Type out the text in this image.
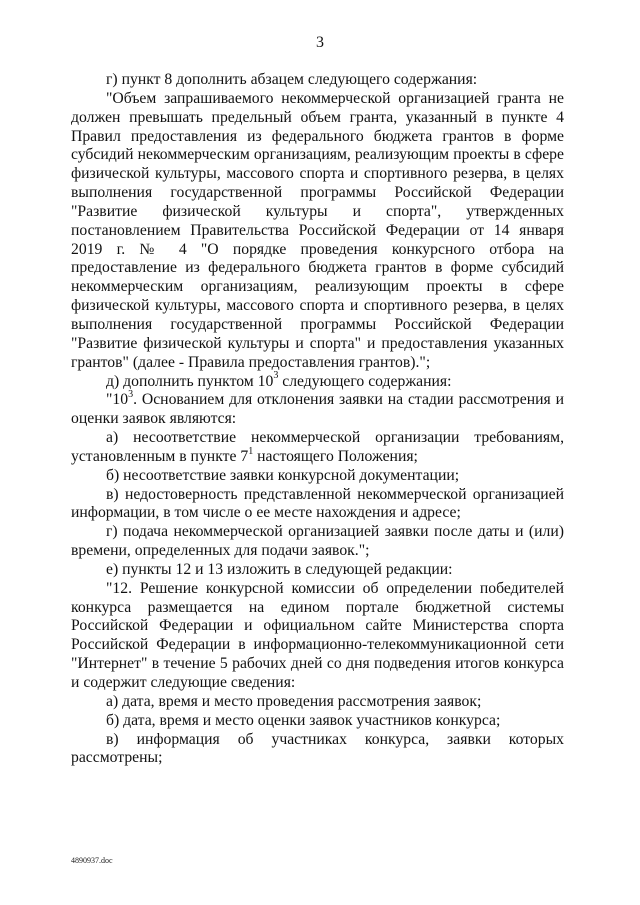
3

г) пункт 8 дополнить абзацем следующего содержания:

"Объем запрашиваемого некоммерческой организацией гранта не должен превышать предельный объем гранта, указанный в пункте 4 Правил предоставления из федерального бюджета грантов в форме субсидий некоммерческим организациям, реализующим проекты в сфере физической культуры, массового спорта и спортивного резерва, в целях выполнения государственной программы Российской Федерации "Развитие физической культуры и спорта", утвержденных постановлением Правительства Российской Федерации от 14 января 2019 г. № 4 "О порядке проведения конкурсного отбора на предоставление из федерального бюджета грантов в форме субсидий некоммерческим организациям, реализующим проекты в сфере физической культуры, массового спорта и спортивного резерва, в целях выполнения государственной программы Российской Федерации "Развитие физической культуры и спорта" и предоставления указанных грантов" (далее - Правила предоставления грантов).";

д) дополнить пунктом $10^3$ следующего содержания:

"$10^3$. Основанием для отклонения заявки на стадии рассмотрения и оценки заявок являются:

а) несоответствие некоммерческой организации требованиям, установленным в пункте $7^1$ настоящего Положения;

б) несоответствие заявки конкурсной документации;

в) недостоверность представленной некоммерческой организацией информации, в том числе о ее месте нахождения и адресе;

г) подача некоммерческой организацией заявки после даты и (или) времени, определенных для подачи заявок.";

е) пункты 12 и 13 изложить в следующей редакции:

"12. Решение конкурсной комиссии об определении победителей конкурса размещается на едином портале бюджетной системы Российской Федерации и официальном сайте Министерства спорта Российской Федерации в информационно-телекоммуникационной сети "Интернет" в течение 5 рабочих дней со дня подведения итогов конкурса и содержит следующие сведения:

а) дата, время и место проведения рассмотрения заявок;

б) дата, время и место оценки заявок участников конкурса;

в) информация об участниках конкурса, заявки которых рассмотрены;

4890937.doc
